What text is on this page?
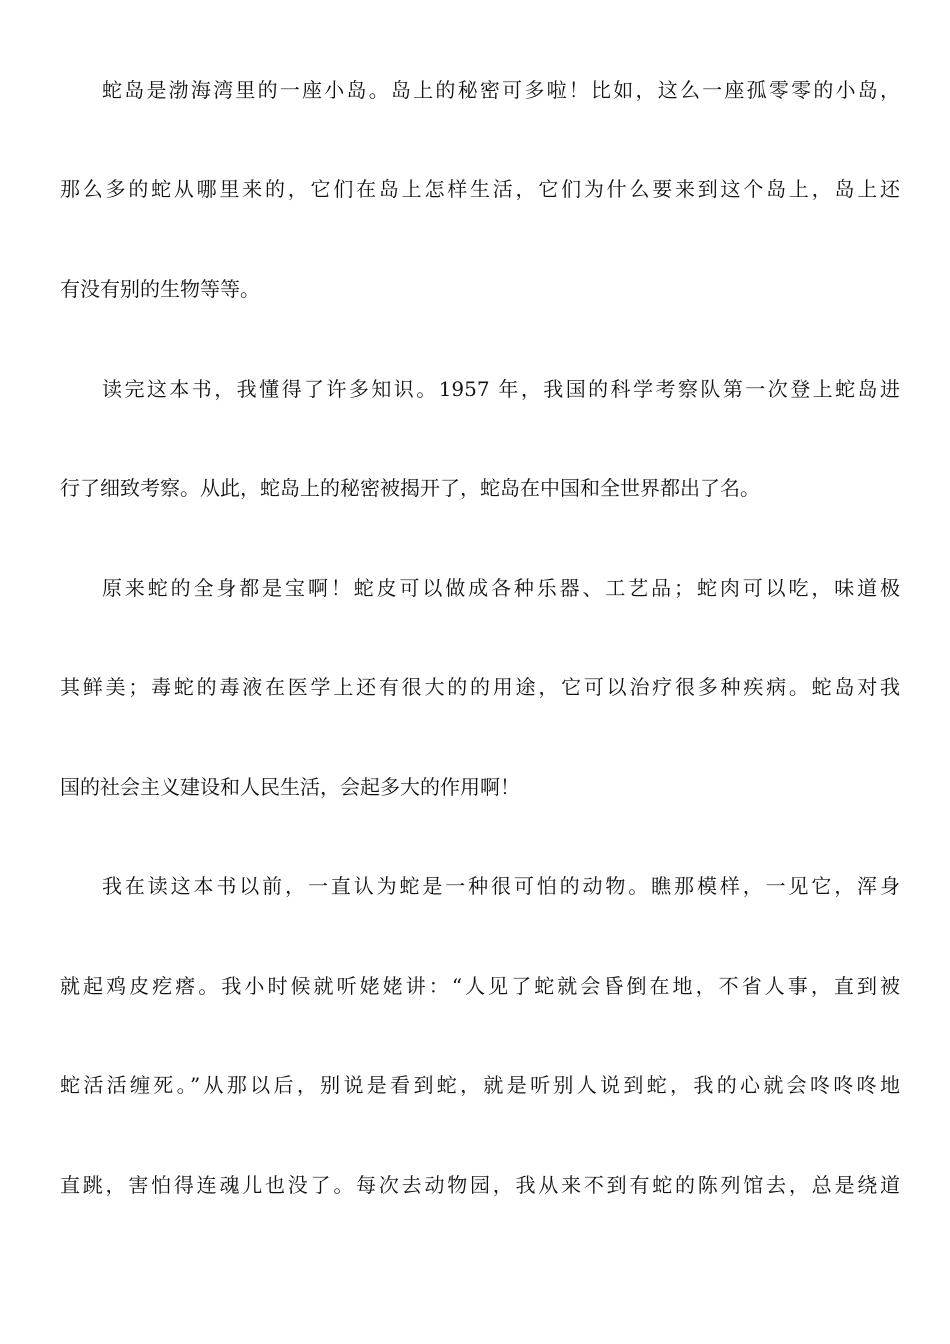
蛇岛是渤海湾里的一座小岛。岛上的秘密可多啦！比如，这么一座孤零零的小岛，
那么多的蛇从哪里来的，它们在岛上怎样生活，它们为什么要来到这个岛上，岛上还
有没有别的生物等等。
读完这本书，我懂得了许多知识。1957 年，我国的科学考察队第一次登上蛇岛进
行了细致考察。从此，蛇岛上的秘密被揭开了，蛇岛在中国和全世界都出了名。
原来蛇的全身都是宝啊！蛇皮可以做成各种乐器、工艺品；蛇肉可以吃，味道极
其鲜美；毒蛇的毒液在医学上还有很大的的用途，它可以治疗很多种疾病。蛇岛对我
国的社会主义建设和人民生活，会起多大的作用啊！
我在读这本书以前，一直认为蛇是一种很可怕的动物。瞧那模样，一见它，浑身
就起鸡皮疙瘩。我小时候就听姥姥讲：“人见了蛇就会昏倒在地，不省人事，直到被
蛇活活缠死。”从那以后，别说是看到蛇，就是听别人说到蛇，我的心就会咚咚咚地
直跳，害怕得连魂儿也没了。每次去动物园，我从来不到有蛇的陈列馆去，总是绕道
